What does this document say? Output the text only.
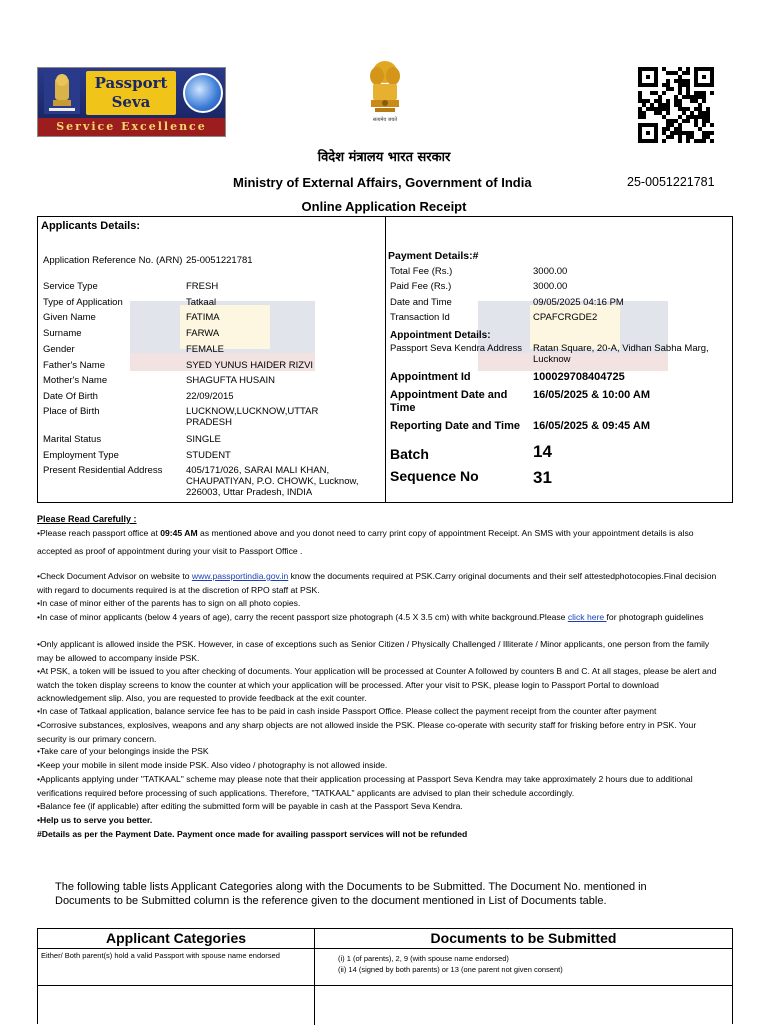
Passport
Seva
Service Excellence	सत्यमेव जयते
विदेश मंत्रालय भारत सरकार
Ministry of External Affairs, Government of India	25-0051221781
Online Application Receipt
Applicants Details:
Application Reference No. (ARN) 25-0051221781
Service Type	FRESH
Type of Application	Tatkaal
Given Name	FATIMA
Surname	FARWA
Gender	FEMALE
Father's Name	SYED YUNUS HAIDER RIZVI
Mother's Name	SHAGUFTA HUSAIN
Date Of Birth	22/09/2015
Place of Birth	LUCKNOW,LUCKNOW,UTTAR PRADESH
Marital Status	SINGLE
Employment Type	STUDENT
Present Residential Address	405/171/026, SARAI MALI KHAN, CHAUPATIYAN, P.O. CHOWK, Lucknow, 226003, Uttar Pradesh, INDIA
Payment Details:#
Total Fee (Rs.)	3000.00
Paid Fee (Rs.)	3000.00
Date and Time	09/05/2025 04:16 PM
Transaction Id	CPAFCRGDE2
Appointment Details:
Passport Seva Kendra Address	Ratan Square, 20-A, Vidhan Sabha Marg, Lucknow
Appointment Id	100029708404725
Appointment Date and Time
16/05/2025 & 10:00 AM
Reporting Date and Time	16/05/2025 & 09:45 AM
Batch	14
Sequence No	31
Please Read Carefully :
•Please reach passport office at 09:45 AM as mentioned above and you donot need to carry print copy of appointment Receipt. An SMS with your appointment details is also
accepted as proof of appointment during your visit to Passport Office .
•Check Document Advisor on website to www.passportindia.gov.in know the documents required at PSK.Carry original documents and their self attestedphotocopies.Final decision with regard to documents required is at the discretion of RPO staff at PSK.
•In case of minor either of the parents has to sign on all photo copies.
•In case of minor applicants (below 4 years of age), carry the recent passport size photograph (4.5 X 3.5 cm) with white background.Please click here for photograph guidelines
•Only applicant is allowed inside the PSK. However, in case of exceptions such as Senior Citizen / Physically Challenged / Illiterate / Minor applicants, one person from the family may be allowed to accompany inside PSK.
•At PSK, a token will be issued to you after checking of documents. Your application will be processed at Counter A followed by counters B and C. At all stages, please be alert and watch the token display screens to know the counter at which your application will be processed. After your visit to PSK, please login to Passport Portal to download acknowledgement slip. Also, you are requested to provide feedback at the exit counter.
•In case of Tatkaal application, balance service fee has to be paid in cash inside Passport Office. Please collect the payment receipt from the counter after payment
•Corrosive substances, explosives, weapons and any sharp objects are not allowed inside the PSK. Please co-operate with security staff for frisking before entry in PSK. Your security is our primary concern.
•Take care of your belongings inside the PSK
•Keep your mobile in silent mode inside PSK. Also video / photography is not allowed inside.
•Applicants applying under "TATKAAL" scheme may please note that their application processing at Passport Seva Kendra may take approximately 2 hours due to additional verifications required before processing of such applications. Therefore, "TATKAAL" applicants are advised to plan their schedule accordingly.
•Balance fee (if applicable) after editing the submitted form will be payable in cash at the Passport Seva Kendra.
•Help us to serve you better.
#Details as per the Payment Date. Payment once made for availing passport services will not be refunded
The following table lists Applicant Categories along with the Documents to be Submitted. The Document No. mentioned in Documents to be Submitted column is the reference given to the document mentioned in List of Documents table.
Applicant Categories	Documents to be Submitted
Either/ Both parent(s) hold a valid Passport with spouse name endorsed	(i) 1 (of parents), 2, 9 (with spouse name endorsed)
(ii) 14 (signed by both parents) or 13 (one parent not given consent)
